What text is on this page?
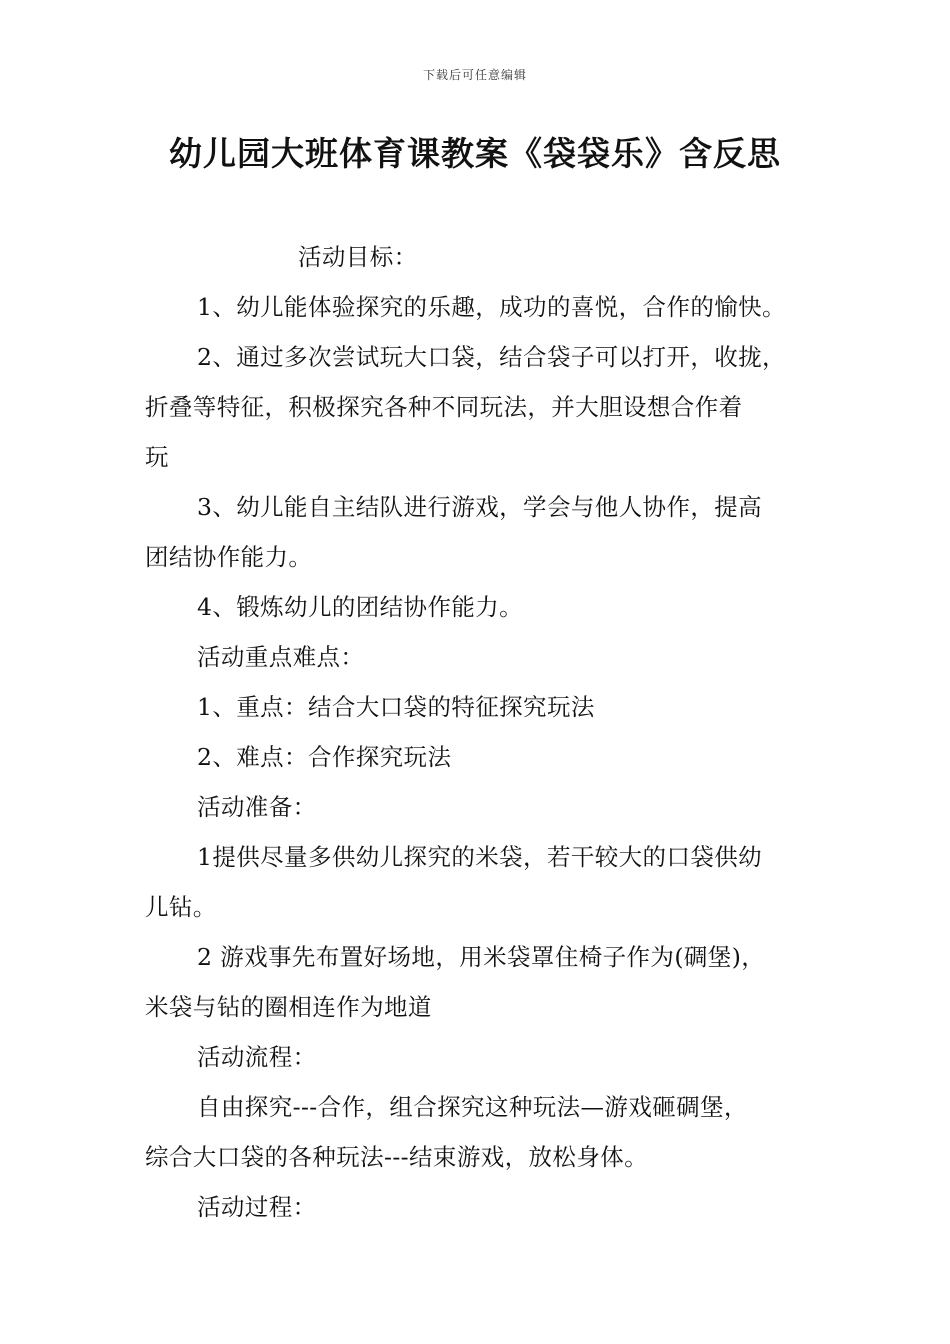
下载后可任意编辑
幼儿园大班体育课教案《袋袋乐》含反思
活动目标：
1、幼儿能体验探究的乐趣，成功的喜悦，合作的愉快。
2、通过多次尝试玩大口袋，结合袋子可以打开，收拢，
折叠等特征，积极探究各种不同玩法，并大胆设想合作着
玩
3、幼儿能自主结队进行游戏，学会与他人协作，提高
团结协作能力。
4、锻炼幼儿的团结协作能力。
活动重点难点：
1、重点：结合大口袋的特征探究玩法
2、难点：合作探究玩法
活动准备：
1提供尽量多供幼儿探究的米袋，若干较大的口袋供幼
儿钻。
2 游戏事先布置好场地，用米袋罩住椅子作为(碉堡)，
米袋与钻的圈相连作为地道
活动流程：
自由探究---合作，组合探究这种玩法—游戏砸碉堡，
综合大口袋的各种玩法---结束游戏，放松身体。
活动过程：
